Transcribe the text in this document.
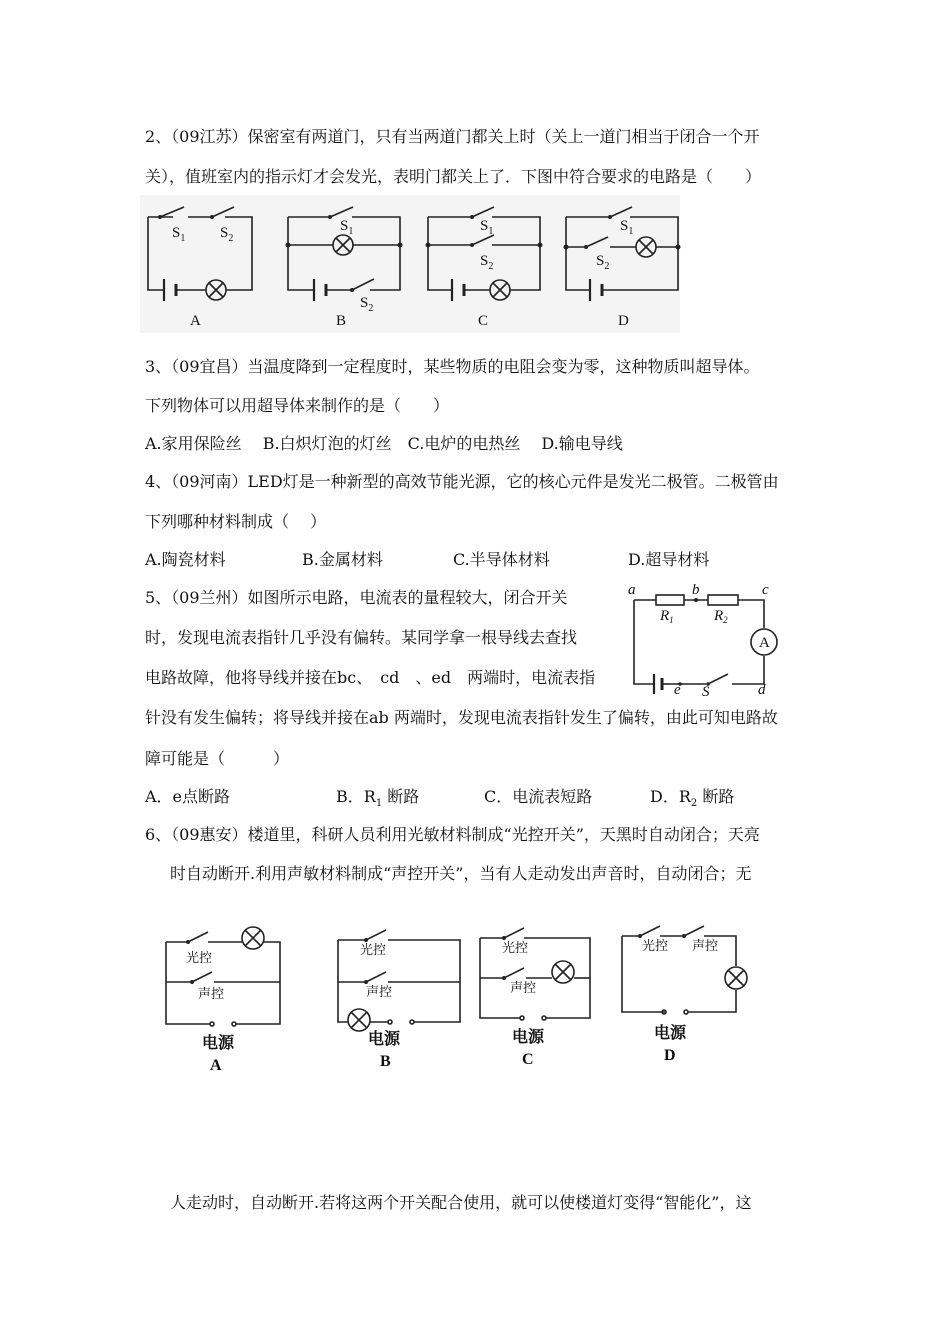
2、（09江苏）保密室有两道门，只有当两道门都关上时（关上一道门相当于闭合一个开
关），值班室内的指示灯才会发光，表明门都关上了．下图中符合要求的电路是（　　）
$S_1$ $S_2$
A
$S_1$
$S_2$
B
$S_1$
$S_2$
C
$S_1$
$S_2$
D
3、（09宜昌）当温度降到一定程度时，某些物质的电阻会变为零，这种物质叫超导体。
下列物体可以用超导体来制作的是（　　）
A.家用保险丝　 B.白炽灯泡的灯丝　C.电炉的电热丝　 D.输电导线
4、（09河南）LED灯是一种新型的高效节能光源，它的核心元件是发光二极管。二极管由
下列哪种材料制成（　 ）
A.陶瓷材料	B.金属材料	C.半导体材料	D.超导材料
5、（09兰州）如图所示电路，电流表的量程较大，闭合开关
时，发现电流表指针几乎没有偏转。某同学拿一根导线去查找
电路故障，他将导线并接在bc、　cd　、ed　两端时，电流表指
针没有发生偏转；将导线并接在ab 两端时，发现电流表指针发生了偏转，由此可知电路故
障可能是（　　　）
A
a	b	c
d
e S
$R_1$	$R_2$
A．e点断路	B．$R_1$ 断路	C．电流表短路	D．$R_2$ 断路
6、（09惠安）楼道里，科研人员利用光敏材料制成“光控开关”，天黑时自动闭合；天亮
时自动断开.利用声敏材料制成“声控开关”，当有人走动发出声音时，自动闭合；无
光控
声控
电源
A
光控
声控
电源
B
光控
声控
电源
C
光控 声控
电源
D
人走动时，自动断开.若将这两个开关配合使用，就可以使楼道灯变得“智能化”，这
